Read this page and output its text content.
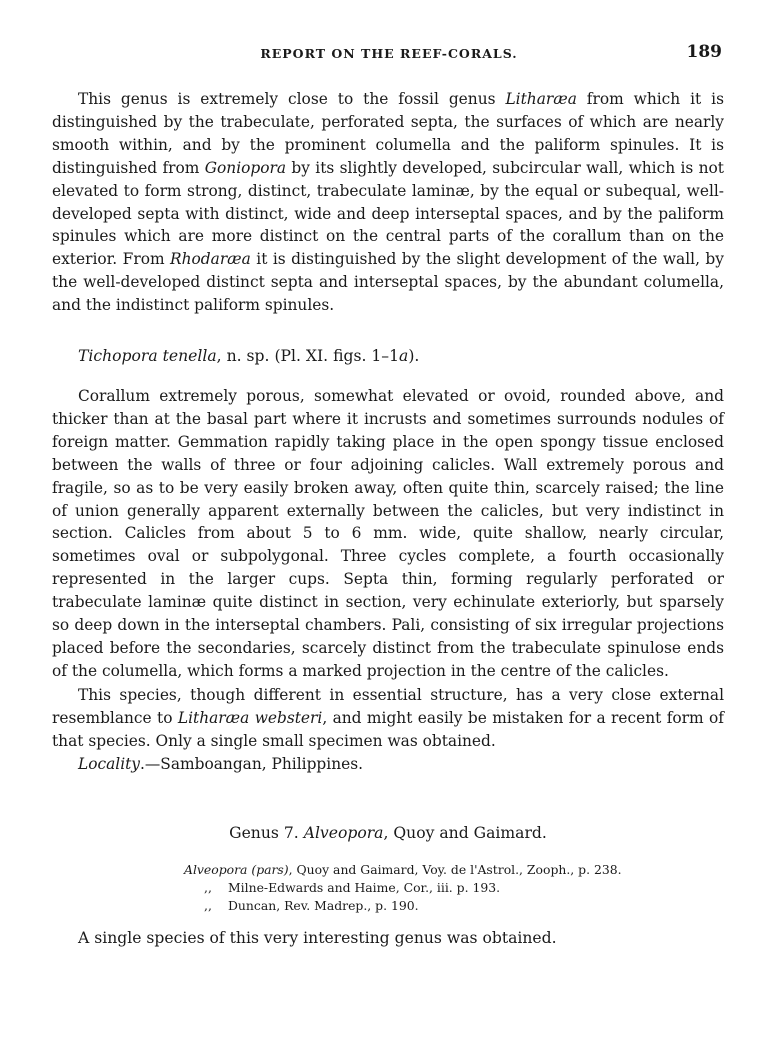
REPORT ON THE REEF-CORALS.	189

This genus is extremely close to the fossil genus Litharæa from which it is distinguished by the trabeculate, perforated septa, the surfaces of which are nearly smooth within, and by the prominent columella and the paliform spinules. It is distinguished from Goniopora by its slightly developed, subcircular wall, which is not elevated to form strong, distinct, trabeculate laminæ, by the equal or subequal, well-developed septa with distinct, wide and deep interseptal spaces, and by the paliform spinules which are more distinct on the central parts of the corallum than on the exterior. From Rhodaræa it is distinguished by the slight development of the wall, by the well-developed distinct septa and interseptal spaces, by the abundant columella, and the indistinct paliform spinules.

Tichopora tenella, n. sp. (Pl. XI. figs. 1–1a).

Corallum extremely porous, somewhat elevated or ovoid, rounded above, and thicker than at the basal part where it incrusts and sometimes surrounds nodules of foreign matter. Gemmation rapidly taking place in the open spongy tissue enclosed between the walls of three or four adjoining calicles. Wall extremely porous and fragile, so as to be very easily broken away, often quite thin, scarcely raised; the line of union generally apparent externally between the calicles, but very indistinct in section. Calicles from about 5 to 6 mm. wide, quite shallow, nearly circular, sometimes oval or subpolygonal. Three cycles complete, a fourth occasionally represented in the larger cups. Septa thin, forming regularly perforated or trabeculate laminæ quite distinct in section, very echinulate exteriorly, but sparsely so deep down in the interseptal chambers. Pali, consisting of six irregular projections placed before the secondaries, scarcely distinct from the trabeculate spinulose ends of the columella, which forms a marked projection in the centre of the calicles.

This species, though different in essential structure, has a very close external resemblance to Litharæa websteri, and might easily be mistaken for a recent form of that species. Only a single small specimen was obtained.

Locality.—Samboangan, Philippines.

Genus 7. Alveopora, Quoy and Gaimard.

Alveopora (pars), Quoy and Gaimard, Voy. de l'Astrol., Zooph., p. 238.
,, Milne-Edwards and Haime, Cor., iii. p. 193.
,, Duncan, Rev. Madrep., p. 190.

A single species of this very interesting genus was obtained.
